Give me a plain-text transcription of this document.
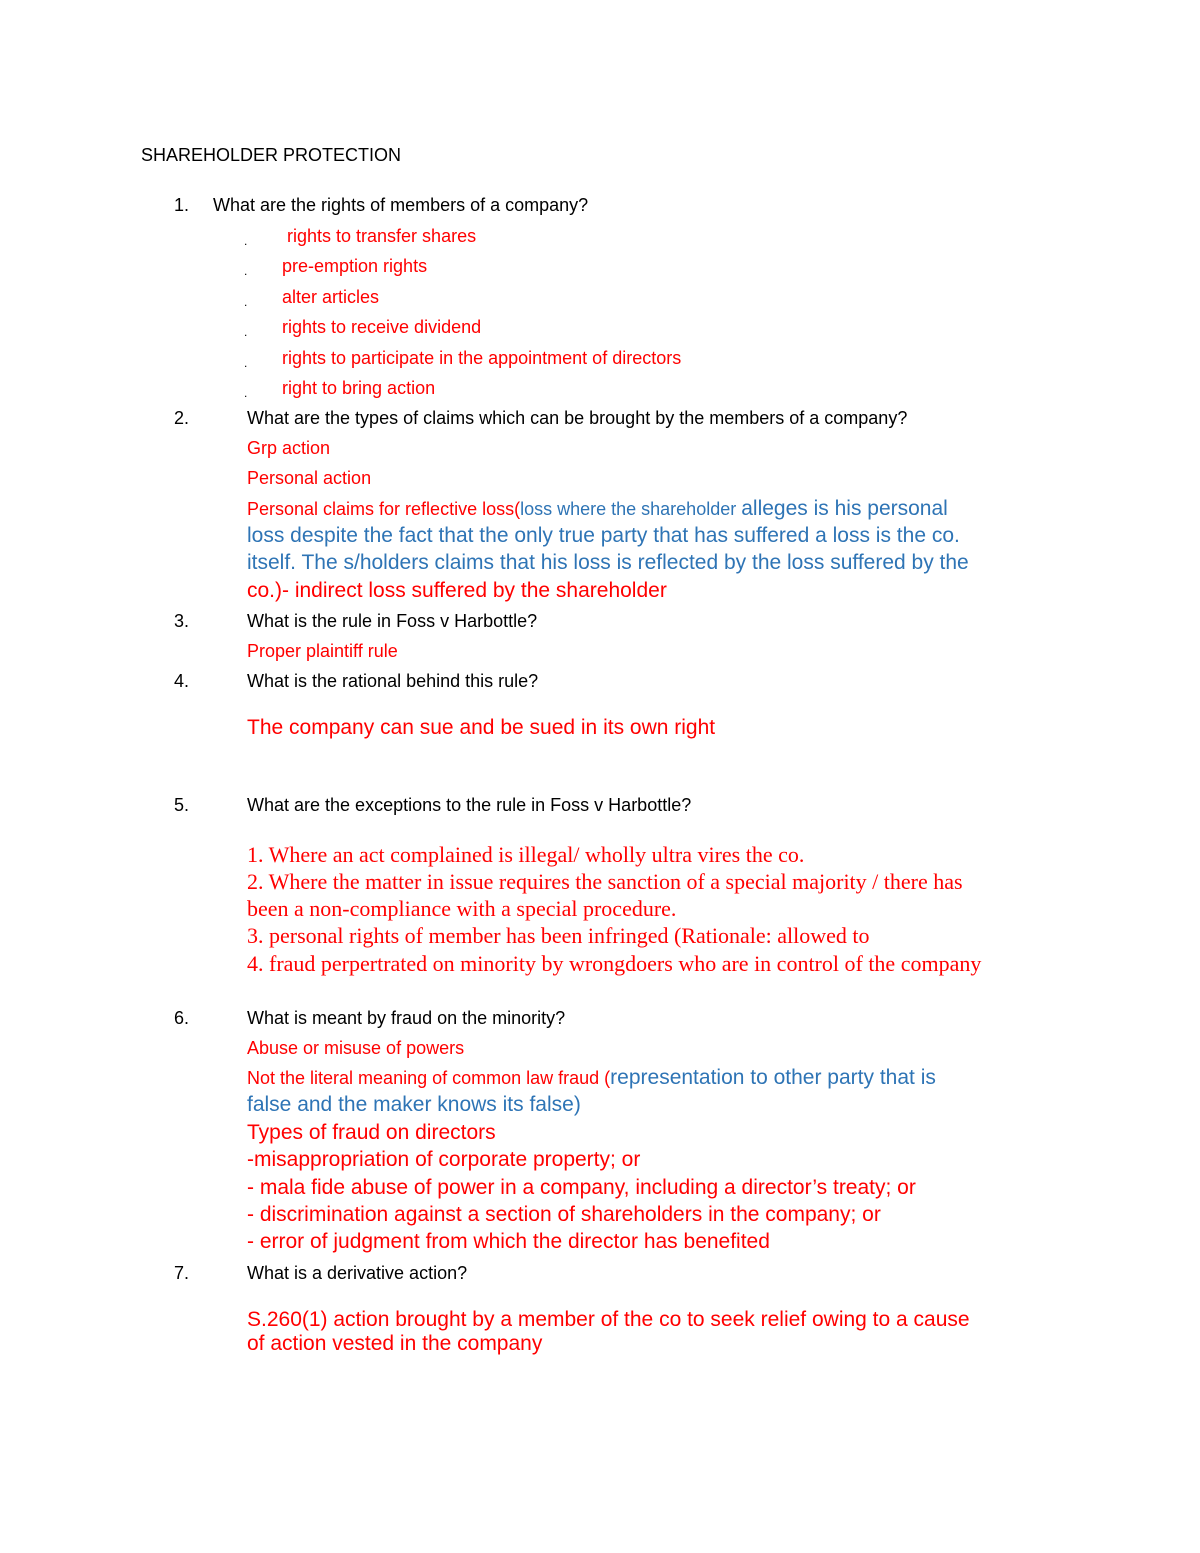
SHAREHOLDER PROTECTION
1. What are the rights of members of a company?
. rights to transfer shares
. pre-emption rights
. alter articles
. rights to receive dividend
. rights to participate in the appointment of directors
. right to bring action
2.	What are the types of claims which can be brought by the members of a company?
Grp action
Personal action
Personal claims for reflective loss(loss where the shareholder alleges is his personal
loss despite the fact that the only true party that has suffered a loss is the co.
itself. The s/holders claims that his loss is reflected by the loss suffered by the
co.)- indirect loss suffered by the shareholder
3.	What is the rule in Foss v Harbottle?
Proper plaintiff rule
4.	What is the rational behind this rule?
The company can sue and be sued in its own right
5.	What are the exceptions to the rule in Foss v Harbottle?
1. Where an act complained is illegal/ wholly ultra vires the co.
2. Where the matter in issue requires the sanction of a special majority / there has
been a non-compliance with a special procedure.
3. personal rights of member has been infringed (Rationale: allowed to
4. fraud perpertrated on minority by wrongdoers who are in control of the company
6.	What is meant by fraud on the minority?
Abuse or misuse of powers
Not the literal meaning of common law fraud (representation to other party that is
false and the maker knows its false)
Types of fraud on directors
-misappropriation of corporate property; or
- mala fide abuse of power in a company, including a director’s treaty; or
- discrimination against a section of shareholders in the company; or
- error of judgment from which the director has benefited
7.	What is a derivative action?
S.260(1) action brought by a member of the co to seek relief owing to a cause
of action vested in the company
